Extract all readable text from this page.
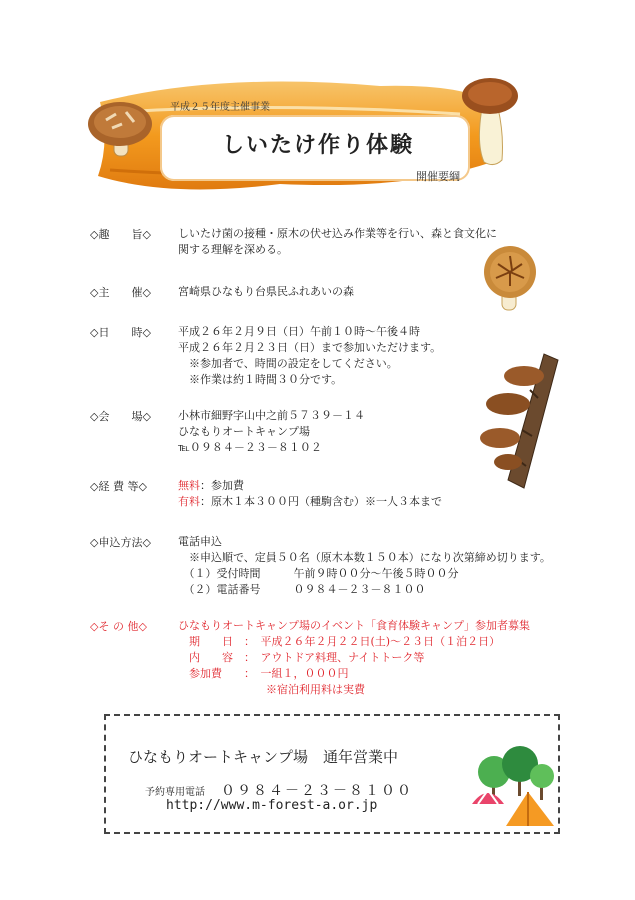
平成２５年度主催事業
しいたけ作り体験
開催要綱
◇趣　　旨◇ しいたけ菌の接種・原木の伏せ込み作業等を行い、森と食文化に
関する理解を深める。
◇主　　催◇ 宮崎県ひなもり台県民ふれあいの森
◇日　　時◇ 平成２６年２月９日（日）午前１０時～午後４時
平成２６年２月２３日（日）まで参加いただけます。
　※参加者で、時間の設定をしてください。
　※作業は約１時間３０分です。
◇会　　場◇ 小林市細野字山中之前５７３９－１４
ひなもりオートキャンプ場
℡０９８４－２３－８１０２
◇経 費 等◇	無料：参加費
有料：原木１本３００円（種駒含む）※一人３本まで
◇申込方法◇ 電話申込
　※申込順で、定員５０名（原木本数１５０本）になり次第締め切ります。
　（１）受付時間　　　午前９時００分～午後５時００分
　（２）電話番号　　　０９８４－２３－８１００
◇そ の 他◇	ひなもりオートキャンプ場のイベント「食育体験キャンプ」参加者募集
　期　　日　：　平成２６年２月２２日(土)～２３日（１泊２日）
　内　　容　：　アウトドア料理、ナイトトーク等
　参加費　　：　一組１，０００円
　　　　　　　　※宿泊利用料は実費
ひなもりオートキャンプ場　通年営業中
予約専用電話 ０９８４－２３－８１００
http://www.m-forest-a.or.jp
